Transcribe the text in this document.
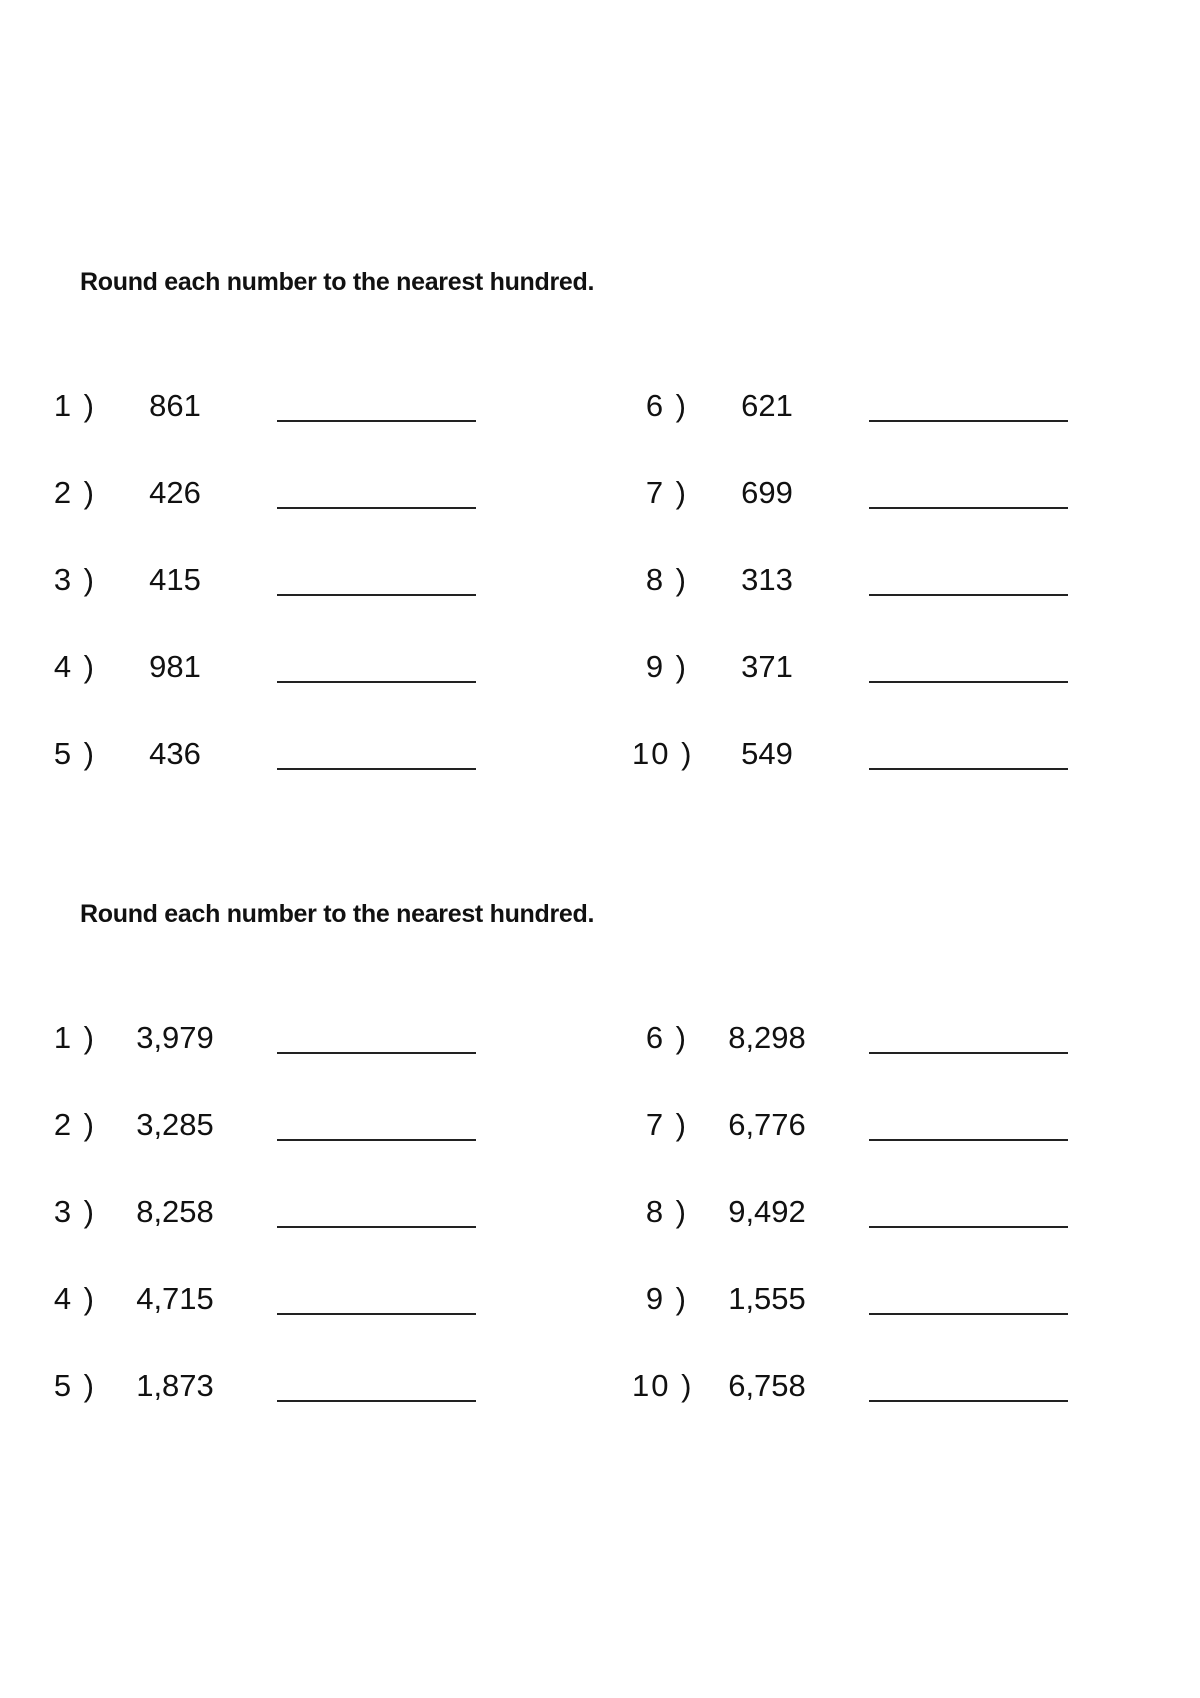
Round each number to the nearest hundred.
1 )	861
2 )	426
3 )	415
4 )	981
5 )	436
6 )	621
7 )	699
8 )	313
9 )	371
10 )	549
Round each number to the nearest hundred.
1 )	3,979
2 )	3,285
3 )	8,258
4 )	4,715
5 )	1,873
6 )	8,298
7 )	6,776
8 )	9,492
9 )	1,555
10 )	6,758
